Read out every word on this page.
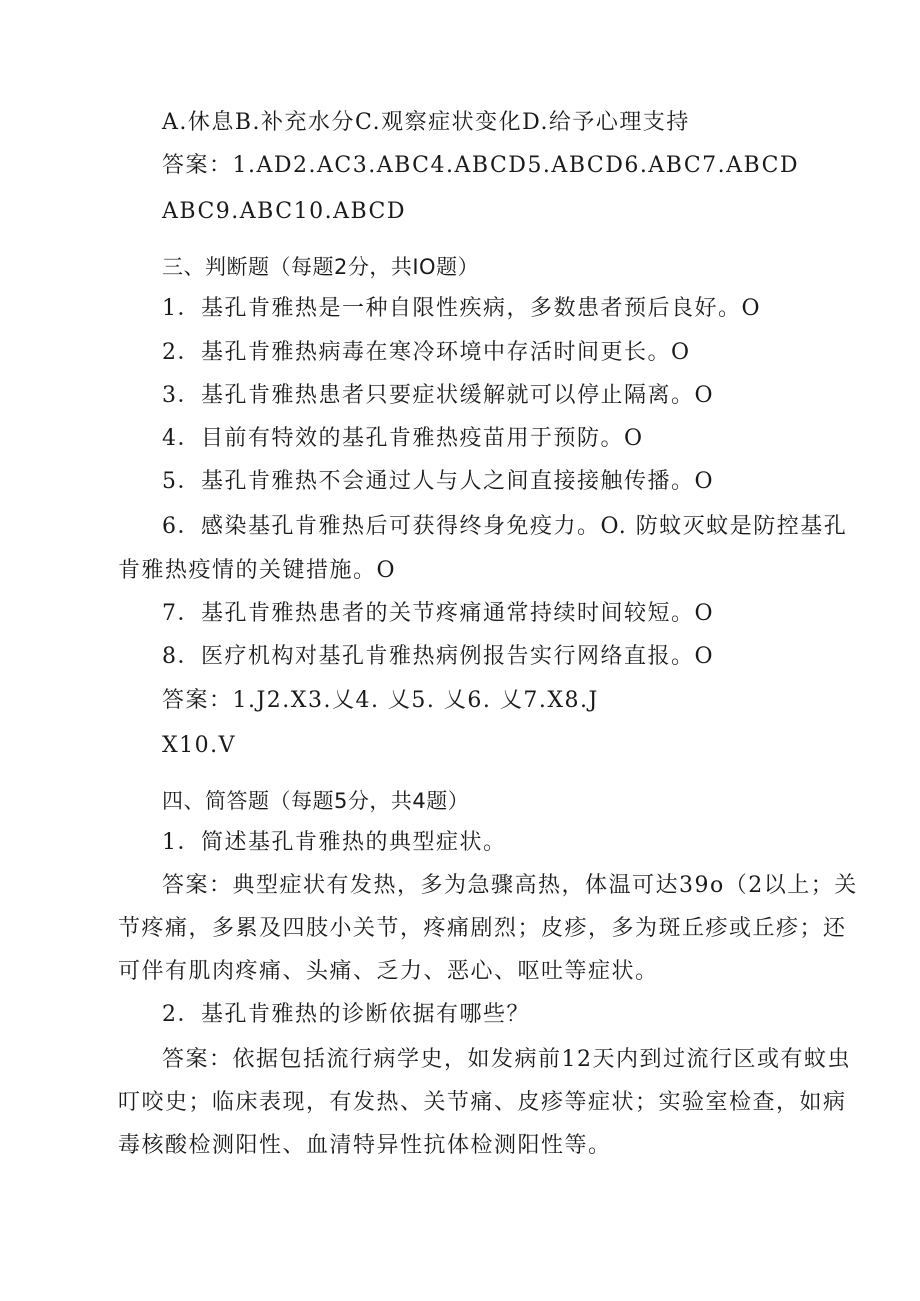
A.休息B.补充水分C.观察症状变化D.给予心理支持
答案：1.AD2.AC3.ABC4.ABCD5.ABCD6.ABC7.ABCD
ABC9.ABC10.ABCD
三、判断题（每题2分，共IO题）
1．基孔肯雅热是一种自限性疾病，多数患者预后良好。O
2．基孔肯雅热病毒在寒冷环境中存活时间更长。O
3．基孔肯雅热患者只要症状缓解就可以停止隔离。O
4．目前有特效的基孔肯雅热疫苗用于预防。O
5．基孔肯雅热不会通过人与人之间直接接触传播。O
6．感染基孔肯雅热后可获得终身免疫力。O. 防蚊灭蚊是防控基孔
肯雅热疫情的关键措施。O
7．基孔肯雅热患者的关节疼痛通常持续时间较短。O
8．医疗机构对基孔肯雅热病例报告实行网络直报。O
答案：1.J2.X3.乂4. 乂5. 乂6. 乂7.X8.J
X10.V
四、简答题（每题5分，共4题）
1．简述基孔肯雅热的典型症状。
答案：典型症状有发热，多为急骤高热，体温可达39o（2以上；关
节疼痛，多累及四肢小关节，疼痛剧烈；皮疹，多为斑丘疹或丘疹；还
可伴有肌肉疼痛、头痛、乏力、恶心、呕吐等症状。
2．基孔肯雅热的诊断依据有哪些？
答案：依据包括流行病学史，如发病前12天内到过流行区或有蚊虫
叮咬史；临床表现，有发热、关节痛、皮疹等症状；实验室检查，如病
毒核酸检测阳性、血清特异性抗体检测阳性等。
